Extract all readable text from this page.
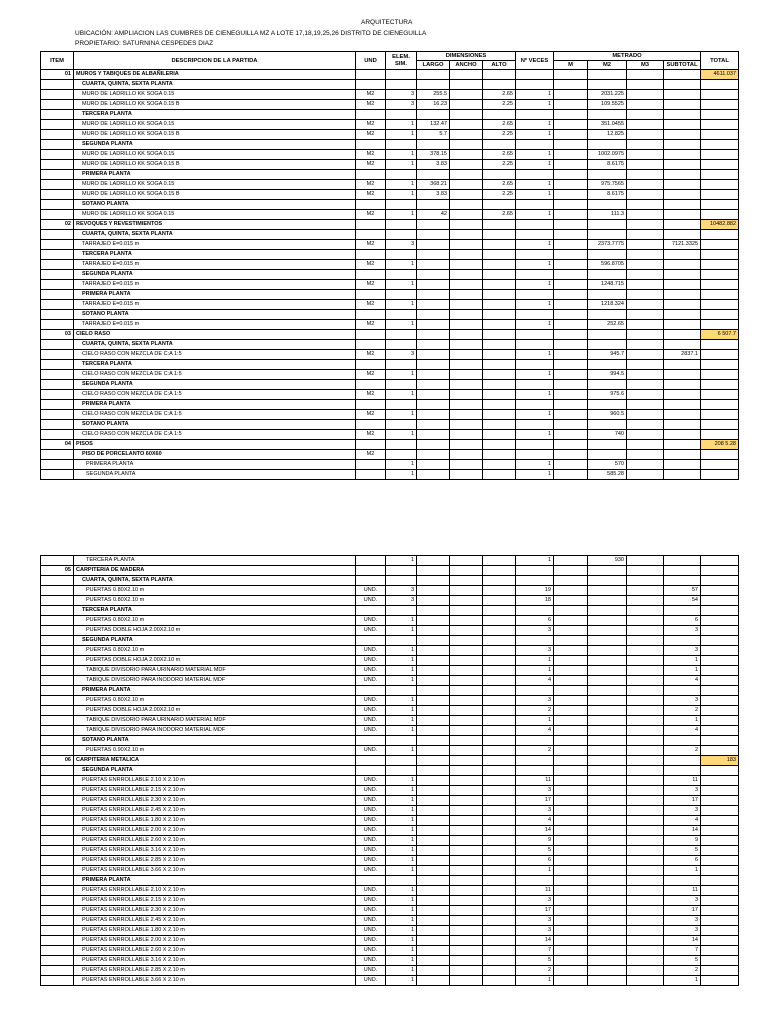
ARQUITECTURA
UBICACIÓN: AMPLIACION LAS CUMBRES DE CIENEGUILLA MZ A LOTE 17,18,19,25,26 DISTRITO DE CIENEGUILLA
PROPIETARIO: SATURNINA CESPEDES DIAZ
ITEM	DESCRIPCION DE LA PARTIDA	UND	ELEM. SIM.	DIMENSIONES			Nº VECES	METRADO				TOTAL
				LARGO	ANCHO	ALTO		M	M2	M3	SUBTOTAL	
01	MUROS Y TABIQUES DE ALBAÑILERIA											4611.037
	CUARTA, QUINTA, SEXTA PLANTA											
	MURO DE LADRILLO KK SOGA 0.15	M2	3	255.5		2.65	1		2031.225			
	MURO DE LADRILLO KK SOGA 0.15 B	M2	3	16.23		2.25	1		109.5525			
	TERCERA PLANTA											
	MURO DE LADRILLO KK SOGA 0.15	M2	1	132.47		2.65	1		351.0455			
	MURO DE LADRILLO KK SOGA 0.15 B	M2	1	5.7		2.25	1		12.825			
	SEGUNDA PLANTA											
	MURO DE LADRILLO KK SOGA 0.15	M2	1	378.15		2.65	1		1002.0975			
	MURO DE LADRILLO KK SOGA 0.15 B	M2	1	3.83		2.25	1		8.6175			
	PRIMERA PLANTA											
	MURO DE LADRILLO KK SOGA 0.15	M2	1	368.21		2.65	1		975.7565			
	MURO DE LADRILLO KK SOGA 0.15 B	M2	1	3.83		2.25	1		8.6175			
	SOTANO PLANTA											
	MURO DE LADRILLO KK SOGA 0.15	M2	1	42		2.65	1		111.3			
02	REVOQUES Y REVESTIMIENTOS											10482.882
	CUARTA, QUINTA, SEXTA PLANTA											
	TARRAJEO E=0.015 m	M2	3				1		2373.7775		7121.3325	
	TERCERA PLANTA											
	TARRAJEO E=0.015 m	M2	1				1		596.8705			
	SEGUNDA PLANTA											
	TARRAJEO E=0.015 m	M2	1				1		1248.715			
	PRIMERA PLANTA											
	TARRAJEO E=0.015 m	M2	1				1		1218.324			
	SOTANO PLANTA											
	TARRAJEO E=0.015 m	M2	1				1		252.65			
03	CIELO RASO											6 507.7
	CUARTA, QUINTA, SEXTA PLANTA											
	CIELO RASO CON MEZCLA DE C:A 1:5	M2	3				1		945.7		2837.1	
	TERCERA PLANTA											
	CIELO RASO CON MEZCLA DE C:A 1:5	M2	1				1		994.5			
	SEGUNDA PLANTA											
	CIELO RASO CON MEZCLA DE C:A 1:5	M2	1				1		975.6			
	PRIMERA PLANTA											
	CIELO RASO CON MEZCLA DE C:A 1:5	M2	1				1		960.5			
	SOTANO PLANTA											
	CIELO RASO CON MEZCLA DE C:A 1:5	M2	1				1		740			
04	PISOS											208 5.28
	PISO DE PORCELANTO 60X60	M2										
	PRIMERA PLANTA		1				1		570			
	SEGUNDA PLANTA		1				1		585.28			
	TERCERA PLANTA		1				1		930			
05	CARPITERIA DE MADERA											
	CUARTA, QUINTA, SEXTA PLANTA											
	PUERTAS 0.80X2.10 m	UND.	3				19				57	
	PUERTAS 0.80X2.10 m	UND.	3				18				54	
	TERCERA PLANTA											
	PUERTAS 0.80X2.10 m	UND.	1				6				6	
	PUERTAS DOBLE HOJA 2.00X2.10 m	UND.	1				3				3	
	SEGUNDA PLANTA											
	PUERTAS 0.80X2.10 m	UND.	1				3				3	
	PUERTAS DOBLE HOJA 2.00X2.10 m	UND.	1				1				1	
	TABIQUE DIVISORIO PARA URINARIO MATERIAL MDF	UND.	1				1				1	
	TABIQUE DIVISORIO PARA INODORO MATERIAL MDF	UND.	1				4				4	
	PRIMERA PLANTA											
	PUERTAS 0.80X2.10 m	UND.	1				3				3	
	PUERTAS DOBLE HOJA 2.00X2.10 m	UND.	1				2				2	
	TABIQUE DIVISORIO PARA URINARIO MATERIAL MDF	UND.	1				1				1	
	TABIQUE DIVISORIO PARA INODORO MATERIAL MDF	UND.	1				4				4	
	SOTANO PLANTA											
	PUERTAS 0.90X2.10 m	UND.	1				2				2	
06	CARPITERIA METALICA											183
	SEGUNDA PLANTA											
	PUERTAS ENRROLLABLE 2.10 X 2.10 m	UND.	1				11				11	
	PUERTAS ENRROLLABLE 2.15 X 2.10 m	UND.	1				3				3	
	PUERTAS ENRROLLABLE 2.30 X 2.10 m	UND.	1				17				17	
	PUERTAS ENRROLLABLE 2.45 X 2.10 m	UND.	1				3				3	
	PUERTAS ENRROLLABLE 1.80 X 2.10 m	UND.	1				4				4	
	PUERTAS ENRROLLABLE 2.00 X 2.10 m	UND.	1				14				14	
	PUERTAS ENRROLLABLE 2.60 X 2.10 m	UND.	1				9				9	
	PUERTAS ENRROLLABLE 3.16 X 2.10 m	UND.	1				5				5	
	PUERTAS ENRROLLABLE 2.85 X 2.10 m	UND.	1				6				6	
	PUERTAS ENRROLLABLE 3.66 X 2.10 m	UND.	1				1				1	
	PRIMERA PLANTA											
	PUERTAS ENRROLLABLE 2.10 X 2.10 m	UND.	1				11				11	
	PUERTAS ENRROLLABLE 2.15 X 2.10 m	UND.	1				3				3	
	PUERTAS ENRROLLABLE 2.30 X 2.10 m	UND.	1				17				17	
	PUERTAS ENRROLLABLE 2.45 X 2.10 m	UND.	1				3				3	
	PUERTAS ENRROLLABLE 1.80 X 2.10 m	UND.	1				3				3	
	PUERTAS ENRROLLABLE 2.00 X 2.10 m	UND.	1				14				14	
	PUERTAS ENRROLLABLE 2.60 X 2.10 m	UND.	1				7				7	
	PUERTAS ENRROLLABLE 3.16 X 2.10 m	UND.	1				5				5	
	PUERTAS ENRROLLABLE 2.85 X 2.10 m	UND.	1				2				2	
	PUERTAS ENRROLLABLE 3.66 X 2.10 m	UND.	1				1				1	
